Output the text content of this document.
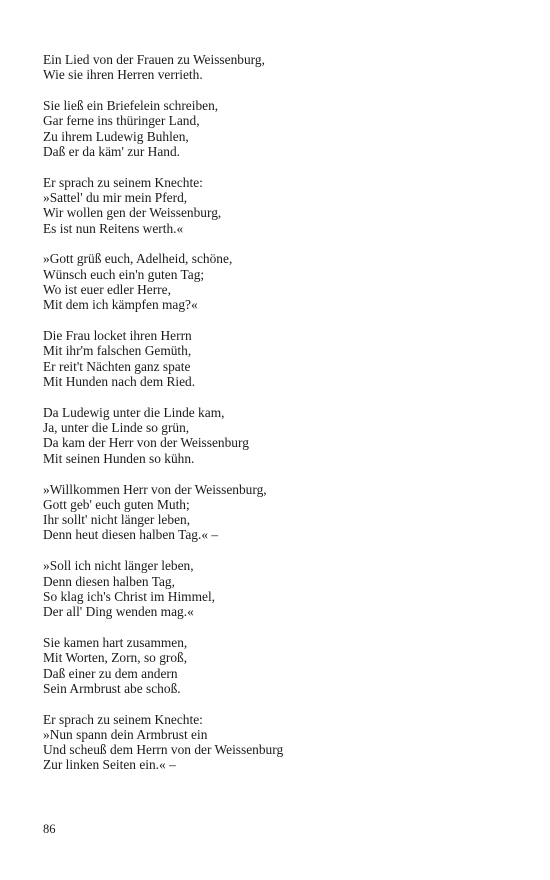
Ein Lied von der Frauen zu Weissenburg,
Wie sie ihren Herren verrieth.
Sie ließ ein Briefelein schreiben,
Gar ferne ins thüringer Land,
Zu ihrem Ludewig Buhlen,
Daß er da käm' zur Hand.
Er sprach zu seinem Knechte:
»Sattel' du mir mein Pferd,
Wir wollen gen der Weissenburg,
Es ist nun Reitens werth.«
»Gott grüß euch, Adelheid, schöne,
Wünsch euch ein'n guten Tag;
Wo ist euer edler Herre,
Mit dem ich kämpfen mag?«
Die Frau locket ihren Herrn
Mit ihr'm falschen Gemüth,
Er reit't Nächten ganz spate
Mit Hunden nach dem Ried.
Da Ludewig unter die Linde kam,
Ja, unter die Linde so grün,
Da kam der Herr von der Weissenburg
Mit seinen Hunden so kühn.
»Willkommen Herr von der Weissenburg,
Gott geb' euch guten Muth;
Ihr sollt' nicht länger leben,
Denn heut diesen halben Tag.« –
»Soll ich nicht länger leben,
Denn diesen halben Tag,
So klag ich's Christ im Himmel,
Der all' Ding wenden mag.«
Sie kamen hart zusammen,
Mit Worten, Zorn, so groß,
Daß einer zu dem andern
Sein Armbrust abe schoß.
Er sprach zu seinem Knechte:
»Nun spann dein Armbrust ein
Und scheuß dem Herrn von der Weissenburg
Zur linken Seiten ein.« –
86
